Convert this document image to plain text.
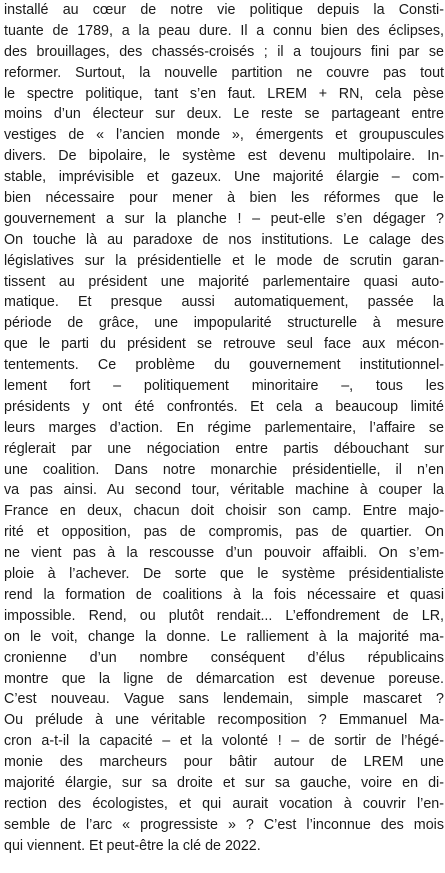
installé au cœur de notre vie politique depuis la Consti-
tuante de 1789, a la peau dure. Il a connu bien des éclipses,
des brouillages, des chassés-croisés ; il a toujours fini par se
reformer. Surtout, la nouvelle partition ne couvre pas tout
le spectre politique, tant s’en faut. LREM + RN, cela pèse
moins d’un électeur sur deux. Le reste se partageant entre
vestiges de « l’ancien monde », émergents et groupuscules
divers. De bipolaire, le système est devenu multipolaire. In-
stable, imprévisible et gazeux. Une majorité élargie – com-
bien nécessaire pour mener à bien les réformes que le
gouvernement a sur la planche ! – peut-elle s’en dégager ?
On touche là au paradoxe de nos institutions. Le calage des
législatives sur la présidentielle et le mode de scrutin garan-
tissent au président une majorité parlementaire quasi auto-
matique. Et presque aussi automatiquement, passée la
période de grâce, une impopularité structurelle à mesure
que le parti du président se retrouve seul face aux mécon-
tentements. Ce problème du gouvernement institutionnel-
lement fort – politiquement minoritaire –, tous les
présidents y ont été confrontés. Et cela a beaucoup limité
leurs marges d’action. En régime parlementaire, l’affaire se
réglerait par une négociation entre partis débouchant sur
une coalition. Dans notre monarchie présidentielle, il n’en
va pas ainsi. Au second tour, véritable machine à couper la
France en deux, chacun doit choisir son camp. Entre majo-
rité et opposition, pas de compromis, pas de quartier. On
ne vient pas à la rescousse d’un pouvoir affaibli. On s’em-
ploie à l’achever. De sorte que le système présidentialiste
rend la formation de coalitions à la fois nécessaire et quasi
impossible. Rend, ou plutôt rendait... L’effondrement de LR,
on le voit, change la donne. Le ralliement à la majorité ma-
cronienne d’un nombre conséquent d’élus républicains
montre que la ligne de démarcation est devenue poreuse.
C’est nouveau. Vague sans lendemain, simple mascaret ?
Ou prélude à une véritable recomposition ? Emmanuel Ma-
cron a-t-il la capacité – et la volonté ! – de sortir de l’hégé-
monie des marcheurs pour bâtir autour de LREM une
majorité élargie, sur sa droite et sur sa gauche, voire en di-
rection des écologistes, et qui aurait vocation à couvrir l’en-
semble de l’arc « progressiste » ? C’est l’inconnue des mois
qui viennent. Et peut-être la clé de 2022.
